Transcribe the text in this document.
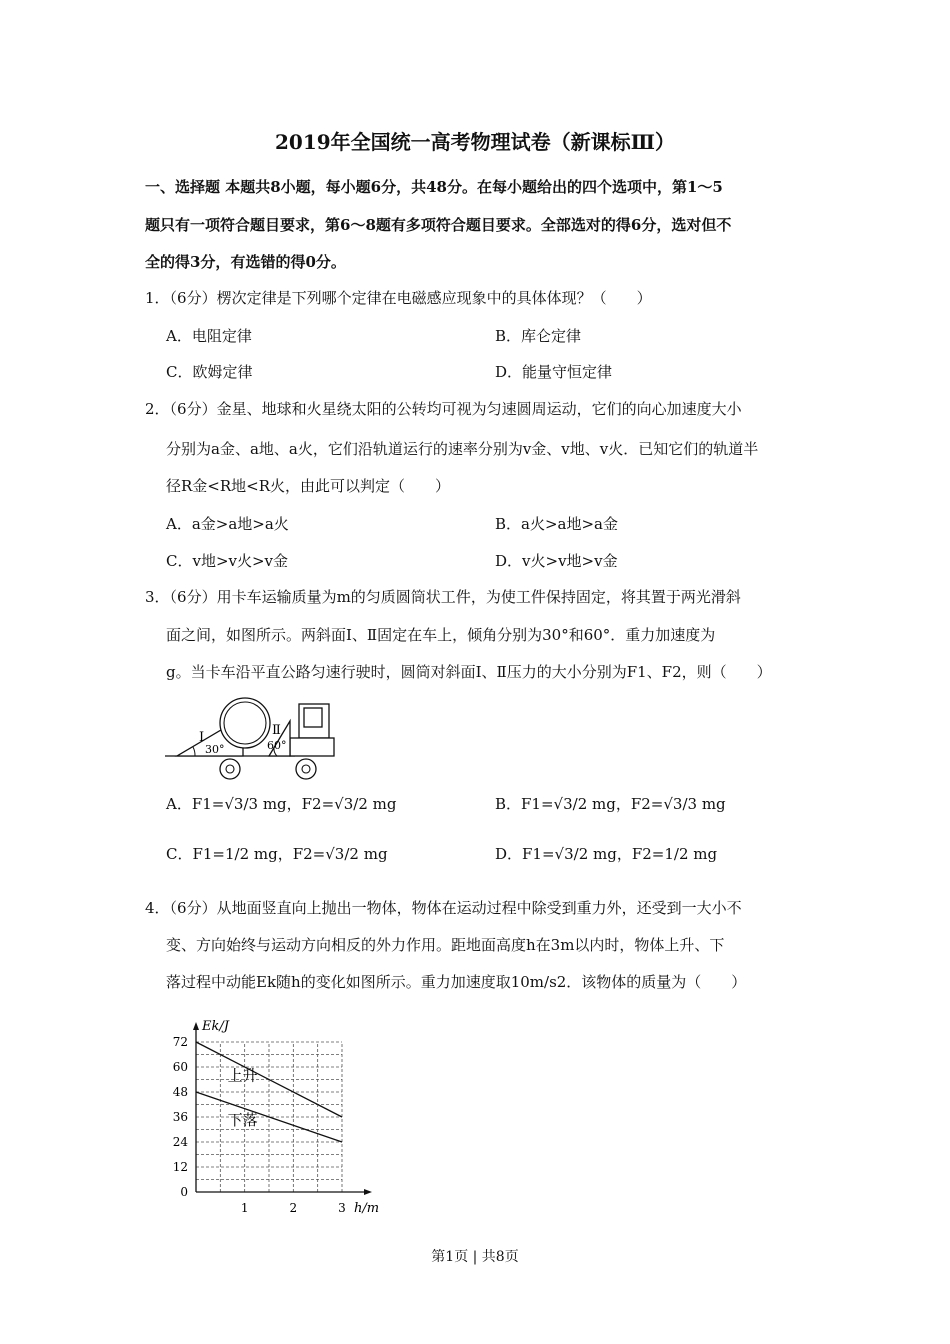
2019年全国统一高考物理试卷（新课标Ⅲ）
一、选择题 本题共8小题，每小题6分，共48分。在每小题给出的四个选项中，第1～5
题只有一项符合题目要求，第6～8题有多项符合题目要求。全部选对的得6分，选对但不
全的得3分，有选错的得0分。
1．（6分）楞次定律是下列哪个定律在电磁感应现象中的具体体现？（　　）
A．电阻定律	B．库仑定律
C．欧姆定律	D．能量守恒定律
2．（6分）金星、地球和火星绕太阳的公转均可视为匀速圆周运动，它们的向心加速度大小
分别为a金、a地、a火，它们沿轨道运行的速率分别为v金、v地、v火．已知它们的轨道半
径R金<R地<R火，由此可以判定（　　）
A．a金>a地>a火	B．a火>a地>a金
C．v地>v火>v金	D．v火>v地>v金
3．（6分）用卡车运输质量为m的匀质圆筒状工件，为使工件保持固定，将其置于两光滑斜
面之间，如图所示。两斜面Ⅰ、Ⅱ固定在车上，倾角分别为30°和60°．重力加速度为
g。当卡车沿平直公路匀速行驶时，圆筒对斜面Ⅰ、Ⅱ压力的大小分别为F1、F2，则（　　）
Ⅰ
30°
Ⅱ
60°
A．F1=√3/3 mg，F2=√3/2 mg	B．F1=√3/2 mg，F2=√3/3 mg
C．F1=1/2 mg，F2=√3/2 mg	D．F1=√3/2 mg，F2=1/2 mg
4．（6分）从地面竖直向上抛出一物体，物体在运动过程中除受到重力外，还受到一大小不
变、方向始终与运动方向相反的外力作用。距地面高度h在3m以内时，物体上升、下
落过程中动能Ek随h的变化如图所示。重力加速度取10m/s2．该物体的质量为（　　）
0
12
24
36
48
60
72
1	2	3
Ek/J
h/m
上升
下落
第1页 | 共8页
